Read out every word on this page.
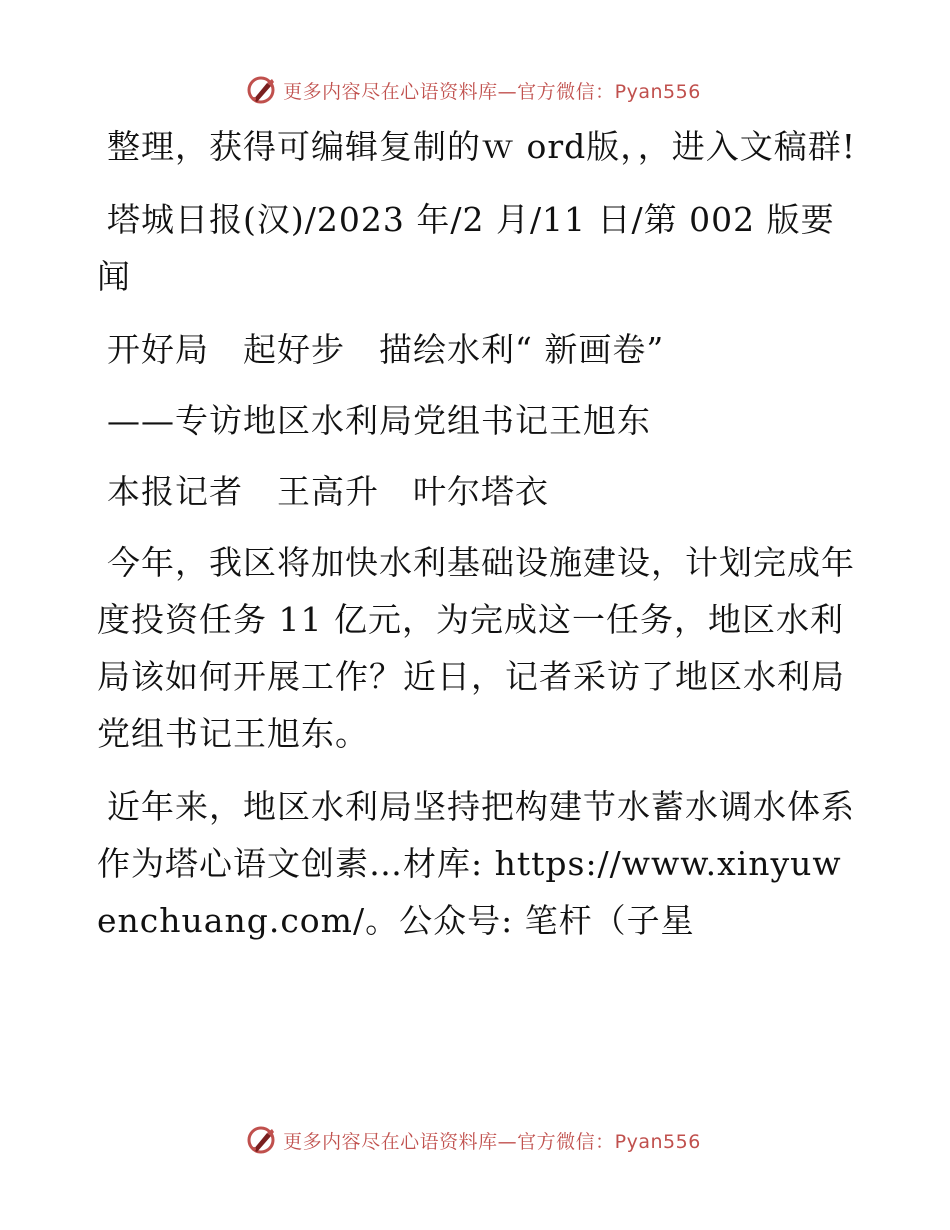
更多内容尽在心语资料库—官方微信：Pyan556

整理，获得可编辑复制的ｗ ord版，，进入文稿群!

塔城日报(汉)/2023 年/2 月/11 日/第 002 版要闻

开好局　起好步　描绘水利“ 新画卷”

——专访地区水利局党组书记王旭东

本报记者　王高升　叶尔塔衣

今年，我区将加快水利基础设施建设，计划完成年度投资任务 11 亿元，为完成这一任务，地区水利局该如何开展工作？近日，记者采访了地区水利局党组书记王旭东。

近年来，地区水利局坚持把构建节水蓄水调水体系作为塔心语文创素…材库: https://www.xinyuwenchuang.com/。公众号: 笔杆（子星

更多内容尽在心语资料库—官方微信：Pyan556
